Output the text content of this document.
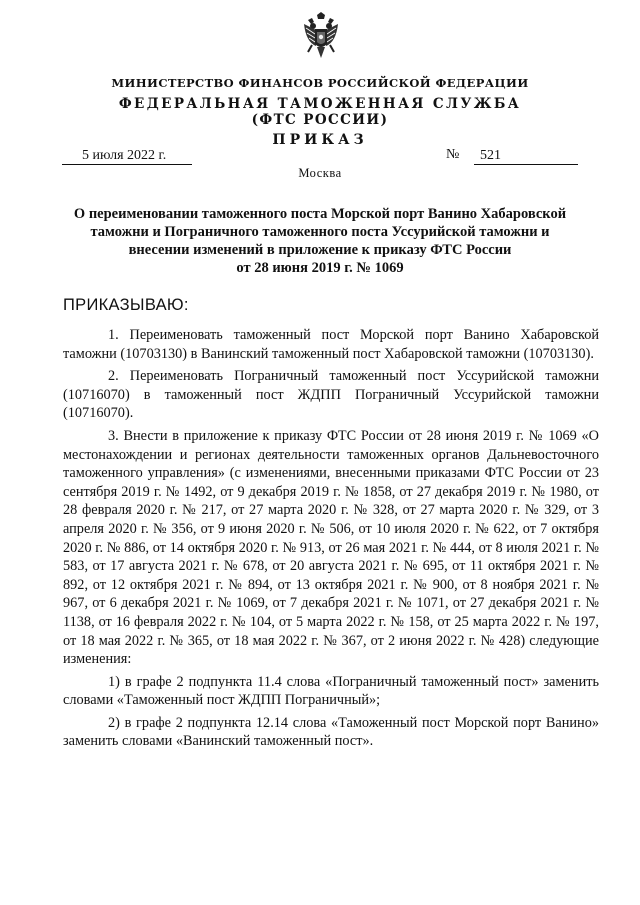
МИНИСТЕРСТВО ФИНАНСОВ РОССИЙСКОЙ ФЕДЕРАЦИИ
ФЕДЕРАЛЬНАЯ ТАМОЖЕННАЯ СЛУЖБА
(ФТС РОССИИ)
ПРИКАЗ
5 июля 2022 г.	№ 521
Москва
О переименовании таможенного поста Морской порт Ванино Хабаровской
таможни и Пограничного таможенного поста Уссурийской таможни и
внесении изменений в приложение к приказу ФТС России
от 28 июня 2019 г. № 1069
ПРИКАЗЫВАЮ:

1. Переименовать таможенный пост Морской порт Ванино Хабаровской таможни (10703130) в Ванинский таможенный пост Хабаровской таможни (10703130).

2. Переименовать Пограничный таможенный пост Уссурийской таможни (10716070) в таможенный пост ЖДПП Пограничный Уссурийской таможни (10716070).

3. Внести в приложение к приказу ФТС России от 28 июня 2019 г. № 1069 «О местонахождении и регионах деятельности таможенных органов Дальневосточного таможенного управления» (с изменениями, внесенными приказами ФТС России от 23 сентября 2019 г. № 1492, от 9 декабря 2019 г. № 1858, от 27 декабря 2019 г. № 1980, от 28 февраля 2020 г. № 217, от 27 марта 2020 г. № 328, от 27 марта 2020 г. № 329, от 3 апреля 2020 г. № 356, от 9 июня 2020 г. № 506, от 10 июля 2020 г. № 622, от 7 октября 2020 г. № 886, от 14 октября 2020 г. № 913, от 26 мая 2021 г. № 444, от 8 июля 2021 г. № 583, от 17 августа 2021 г. № 678, от 20 августа 2021 г. № 695, от 11 октября 2021 г. № 892, от 12 октября 2021 г. № 894, от 13 октября 2021 г. № 900, от 8 ноября 2021 г. № 967, от 6 декабря 2021 г. № 1069, от 7 декабря 2021 г. № 1071, от 27 декабря 2021 г. № 1138, от 16 февраля 2022 г. № 104, от 5 марта 2022 г. № 158, от 25 марта 2022 г. № 197, от 18 мая 2022 г. № 365, от 18 мая 2022 г. № 367, от 2 июня 2022 г. № 428) следующие изменения:

1) в графе 2 подпункта 11.4 слова «Пограничный таможенный пост» заменить словами «Таможенный пост ЖДПП Пограничный»;

2) в графе 2 подпункта 12.14 слова «Таможенный пост Морской порт Ванино» заменить словами «Ванинский таможенный пост».
